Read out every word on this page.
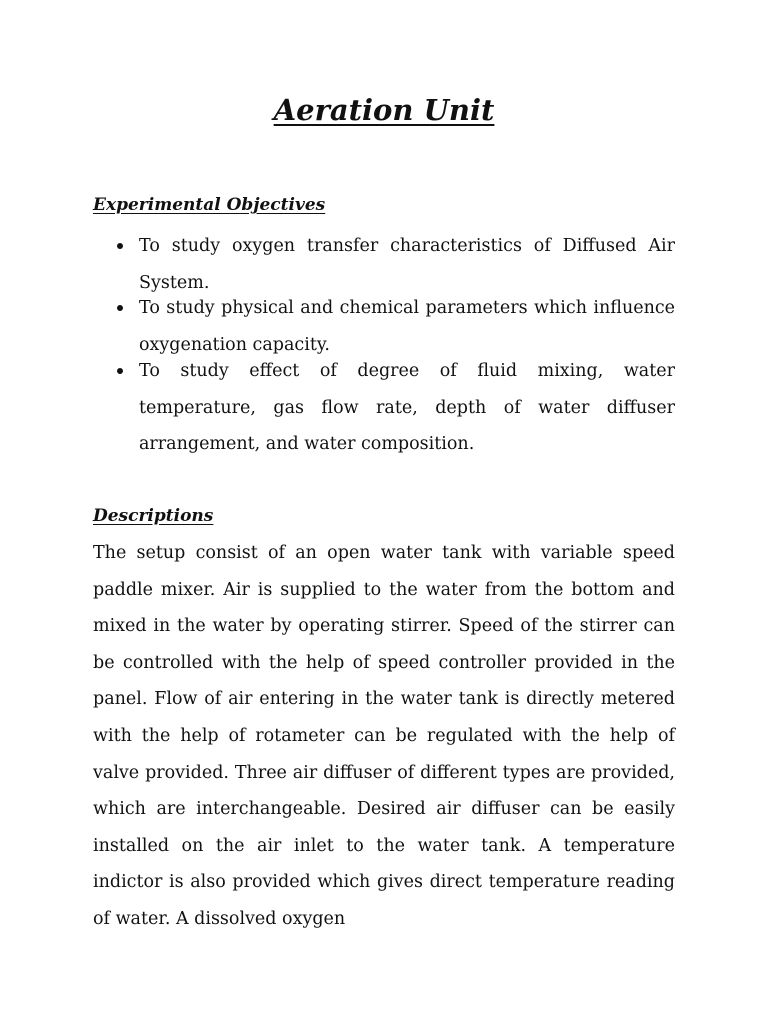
Aeration Unit
Experimental Objectives
To study oxygen transfer characteristics of Diffused Air System.
To study physical and chemical parameters which influence oxygenation capacity.
To study effect of degree of fluid mixing, water temperature, gas flow rate, depth of water diffuser arrangement, and water composition.
Descriptions

The setup consist of an open water tank with variable speed paddle mixer. Air is supplied to the water from the bottom and mixed in the water by operating stirrer. Speed of the stirrer can be controlled with the help of speed controller provided in the panel. Flow of air entering in the water tank is directly metered with the help of rotameter can be regulated with the help of valve provided. Three air diffuser of different types are provided, which are interchangeable. Desired air diffuser can be easily installed on the air inlet to the water tank. A temperature indictor is also provided which gives direct temperature reading of water. A dissolved oxygen
